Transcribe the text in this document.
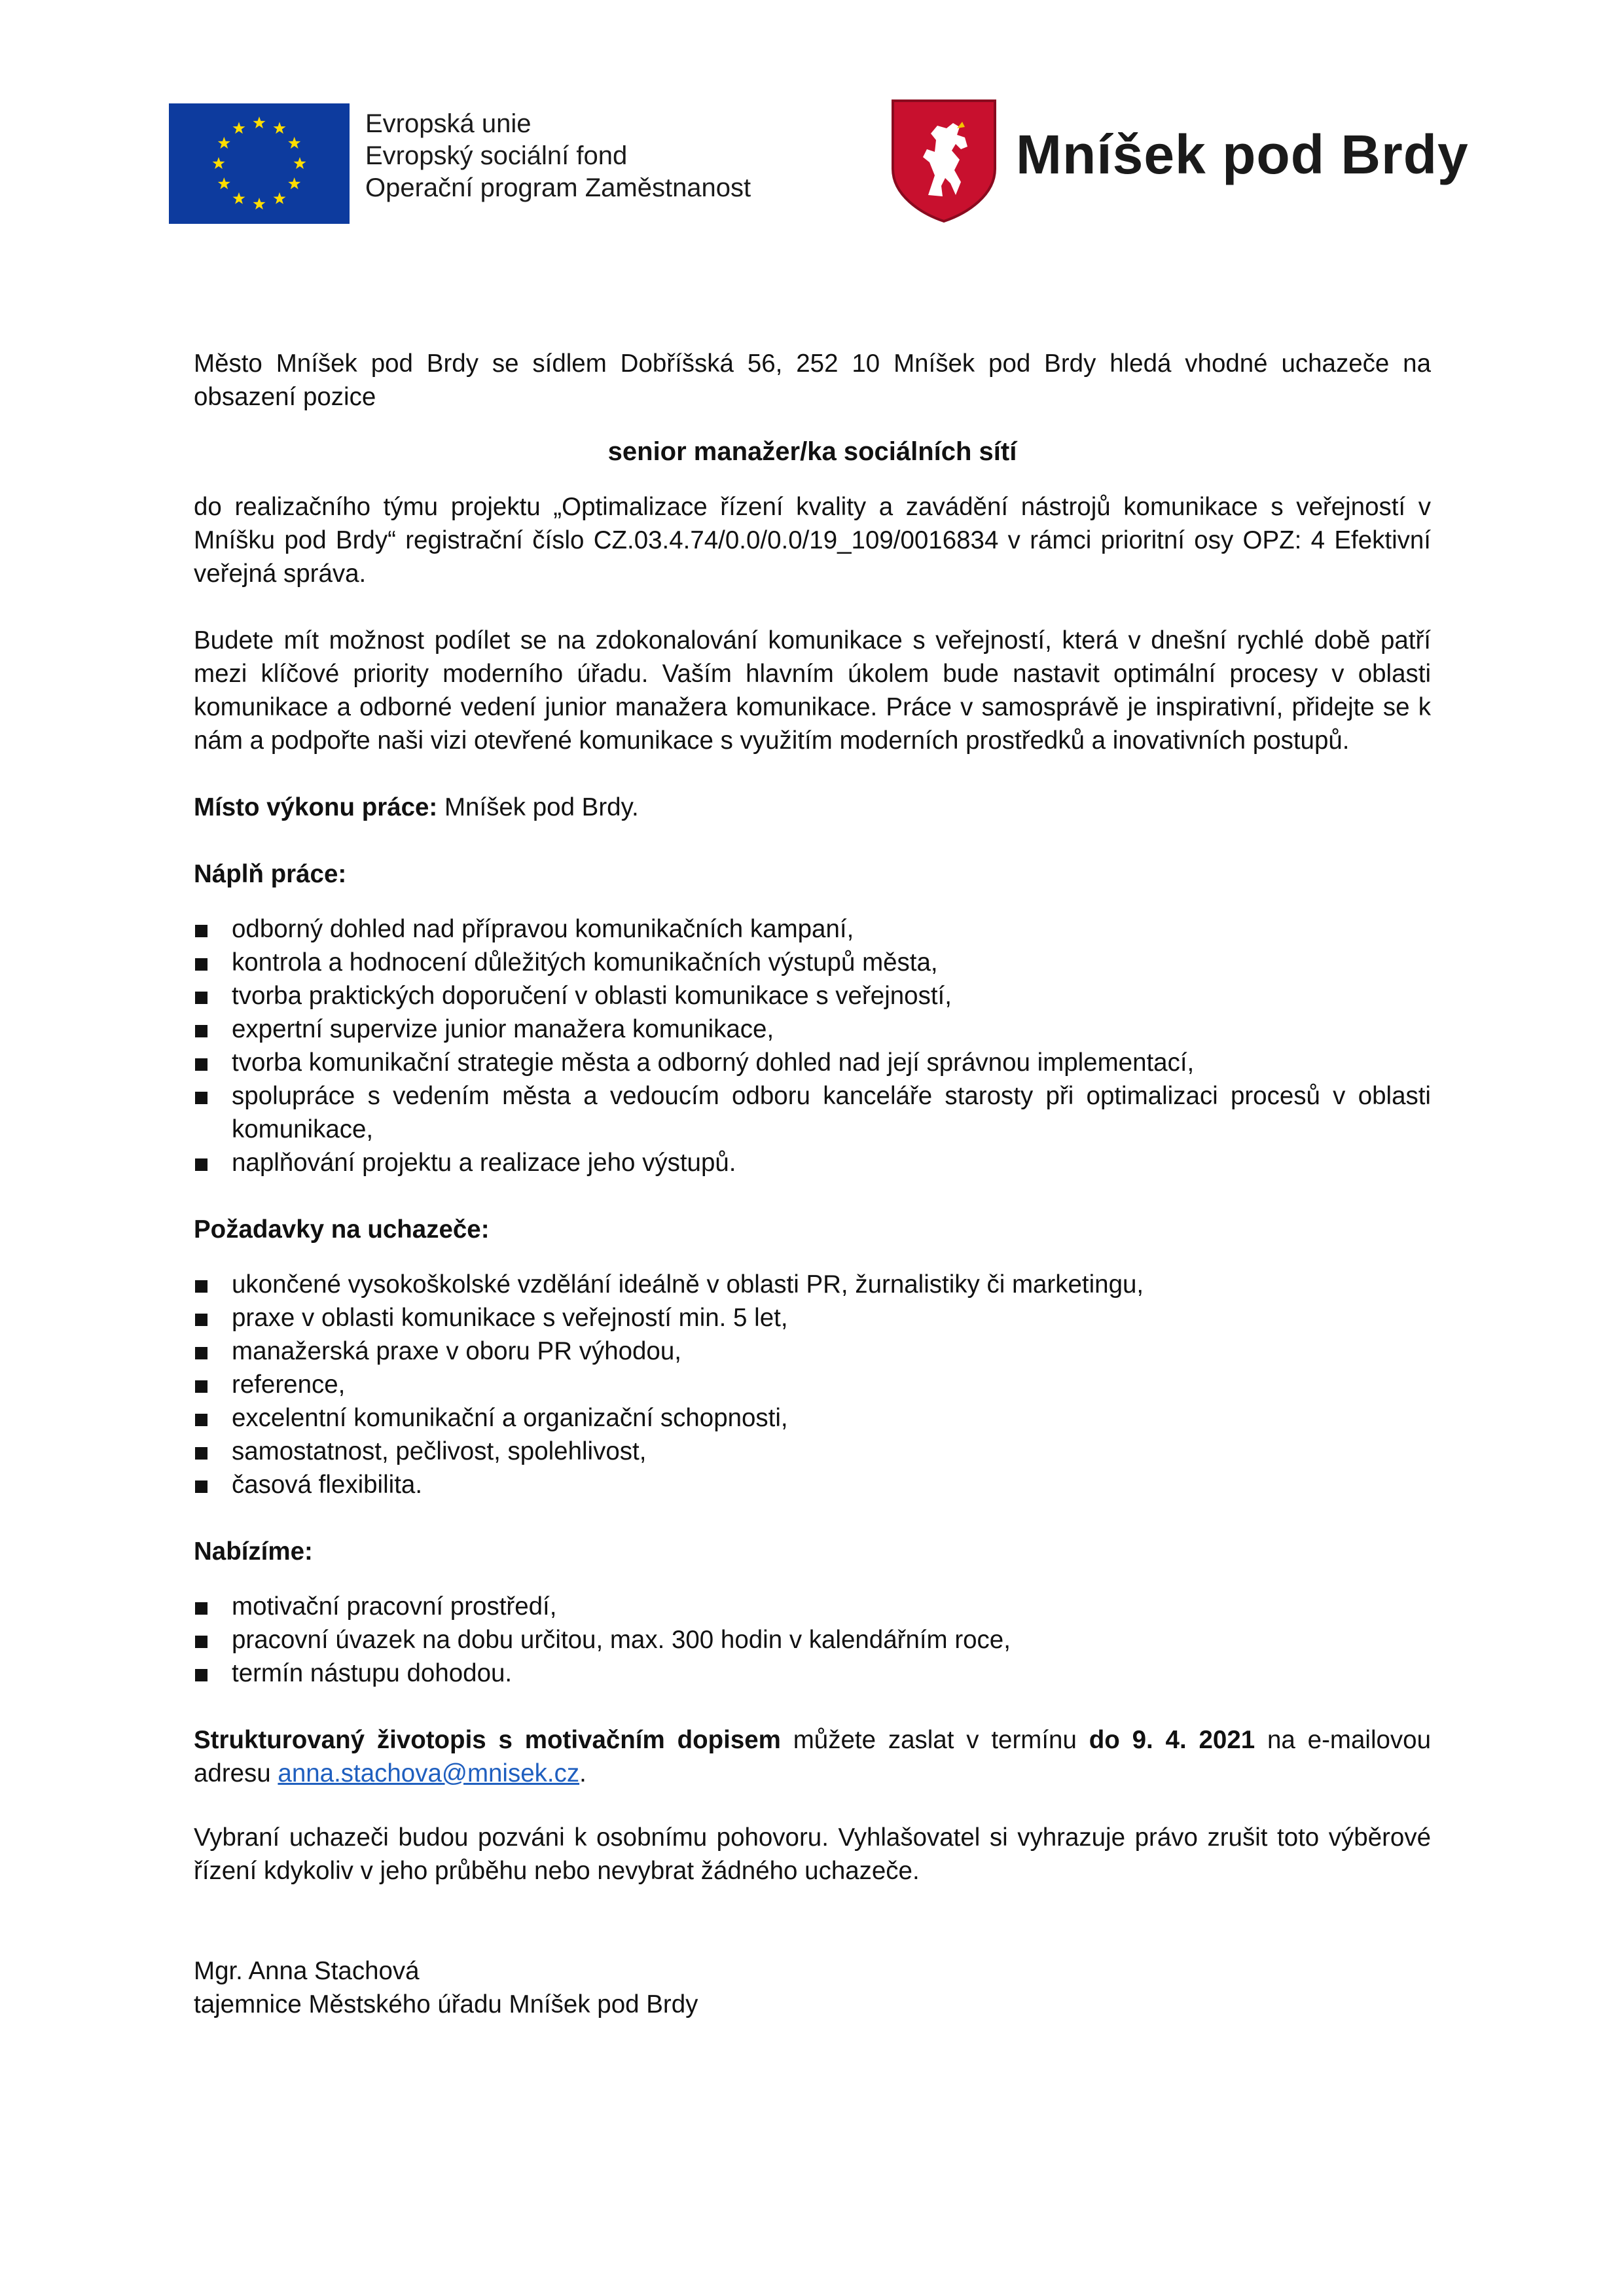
Evropská unie
Evropský sociální fond
Operační program Zaměstnanost
Mníšek pod Brdy

Město Mníšek pod Brdy se sídlem Dobříšská 56, 252 10 Mníšek pod Brdy hledá vhodné uchazeče na obsazení pozice

senior manažer/ka sociálních sítí

do realizačního týmu projektu „Optimalizace řízení kvality a zavádění nástrojů komunikace s veřejností v Mníšku pod Brdy“ registrační číslo CZ.03.4.74/0.0/0.0/19_109/0016834 v rámci prioritní osy OPZ: 4 Efektivní veřejná správa.

Budete mít možnost podílet se na zdokonalování komunikace s veřejností, která v dnešní rychlé době patří mezi klíčové priority moderního úřadu. Vaším hlavním úkolem bude nastavit optimální procesy v oblasti komunikace a odborné vedení junior manažera komunikace. Práce v samosprávě je inspirativní, přidejte se k nám a podpořte naši vizi otevřené komunikace s využitím moderních prostředků a inovativních postupů.

Místo výkonu práce: Mníšek pod Brdy.

Náplň práce:

odborný dohled nad přípravou komunikačních kampaní,
kontrola a hodnocení důležitých komunikačních výstupů města,
tvorba praktických doporučení v oblasti komunikace s veřejností,
expertní supervize junior manažera komunikace,
tvorba komunikační strategie města a odborný dohled nad její správnou implementací,
spolupráce s vedením města a vedoucím odboru kanceláře starosty při optimalizaci procesů v oblasti komunikace,
naplňování projektu a realizace jeho výstupů.

Požadavky na uchazeče:

ukončené vysokoškolské vzdělání ideálně v oblasti PR, žurnalistiky či marketingu,
praxe v oblasti komunikace s veřejností min. 5 let,
manažerská praxe v oboru PR výhodou,
reference,
excelentní komunikační a organizační schopnosti,
samostatnost, pečlivost, spolehlivost,
časová flexibilita.

Nabízíme:

motivační pracovní prostředí,
pracovní úvazek na dobu určitou, max. 300 hodin v kalendářním roce,
termín nástupu dohodou.

Strukturovaný životopis s motivačním dopisem můžete zaslat v termínu do 9. 4. 2021 na e-mailovou adresu anna.stachova@mnisek.cz.

Vybraní uchazeči budou pozváni k osobnímu pohovoru. Vyhlašovatel si vyhrazuje právo zrušit toto výběrové řízení kdykoliv v jeho průběhu nebo nevybrat žádného uchazeče.

Mgr. Anna Stachová

tajemnice Městského úřadu Mníšek pod Brdy
